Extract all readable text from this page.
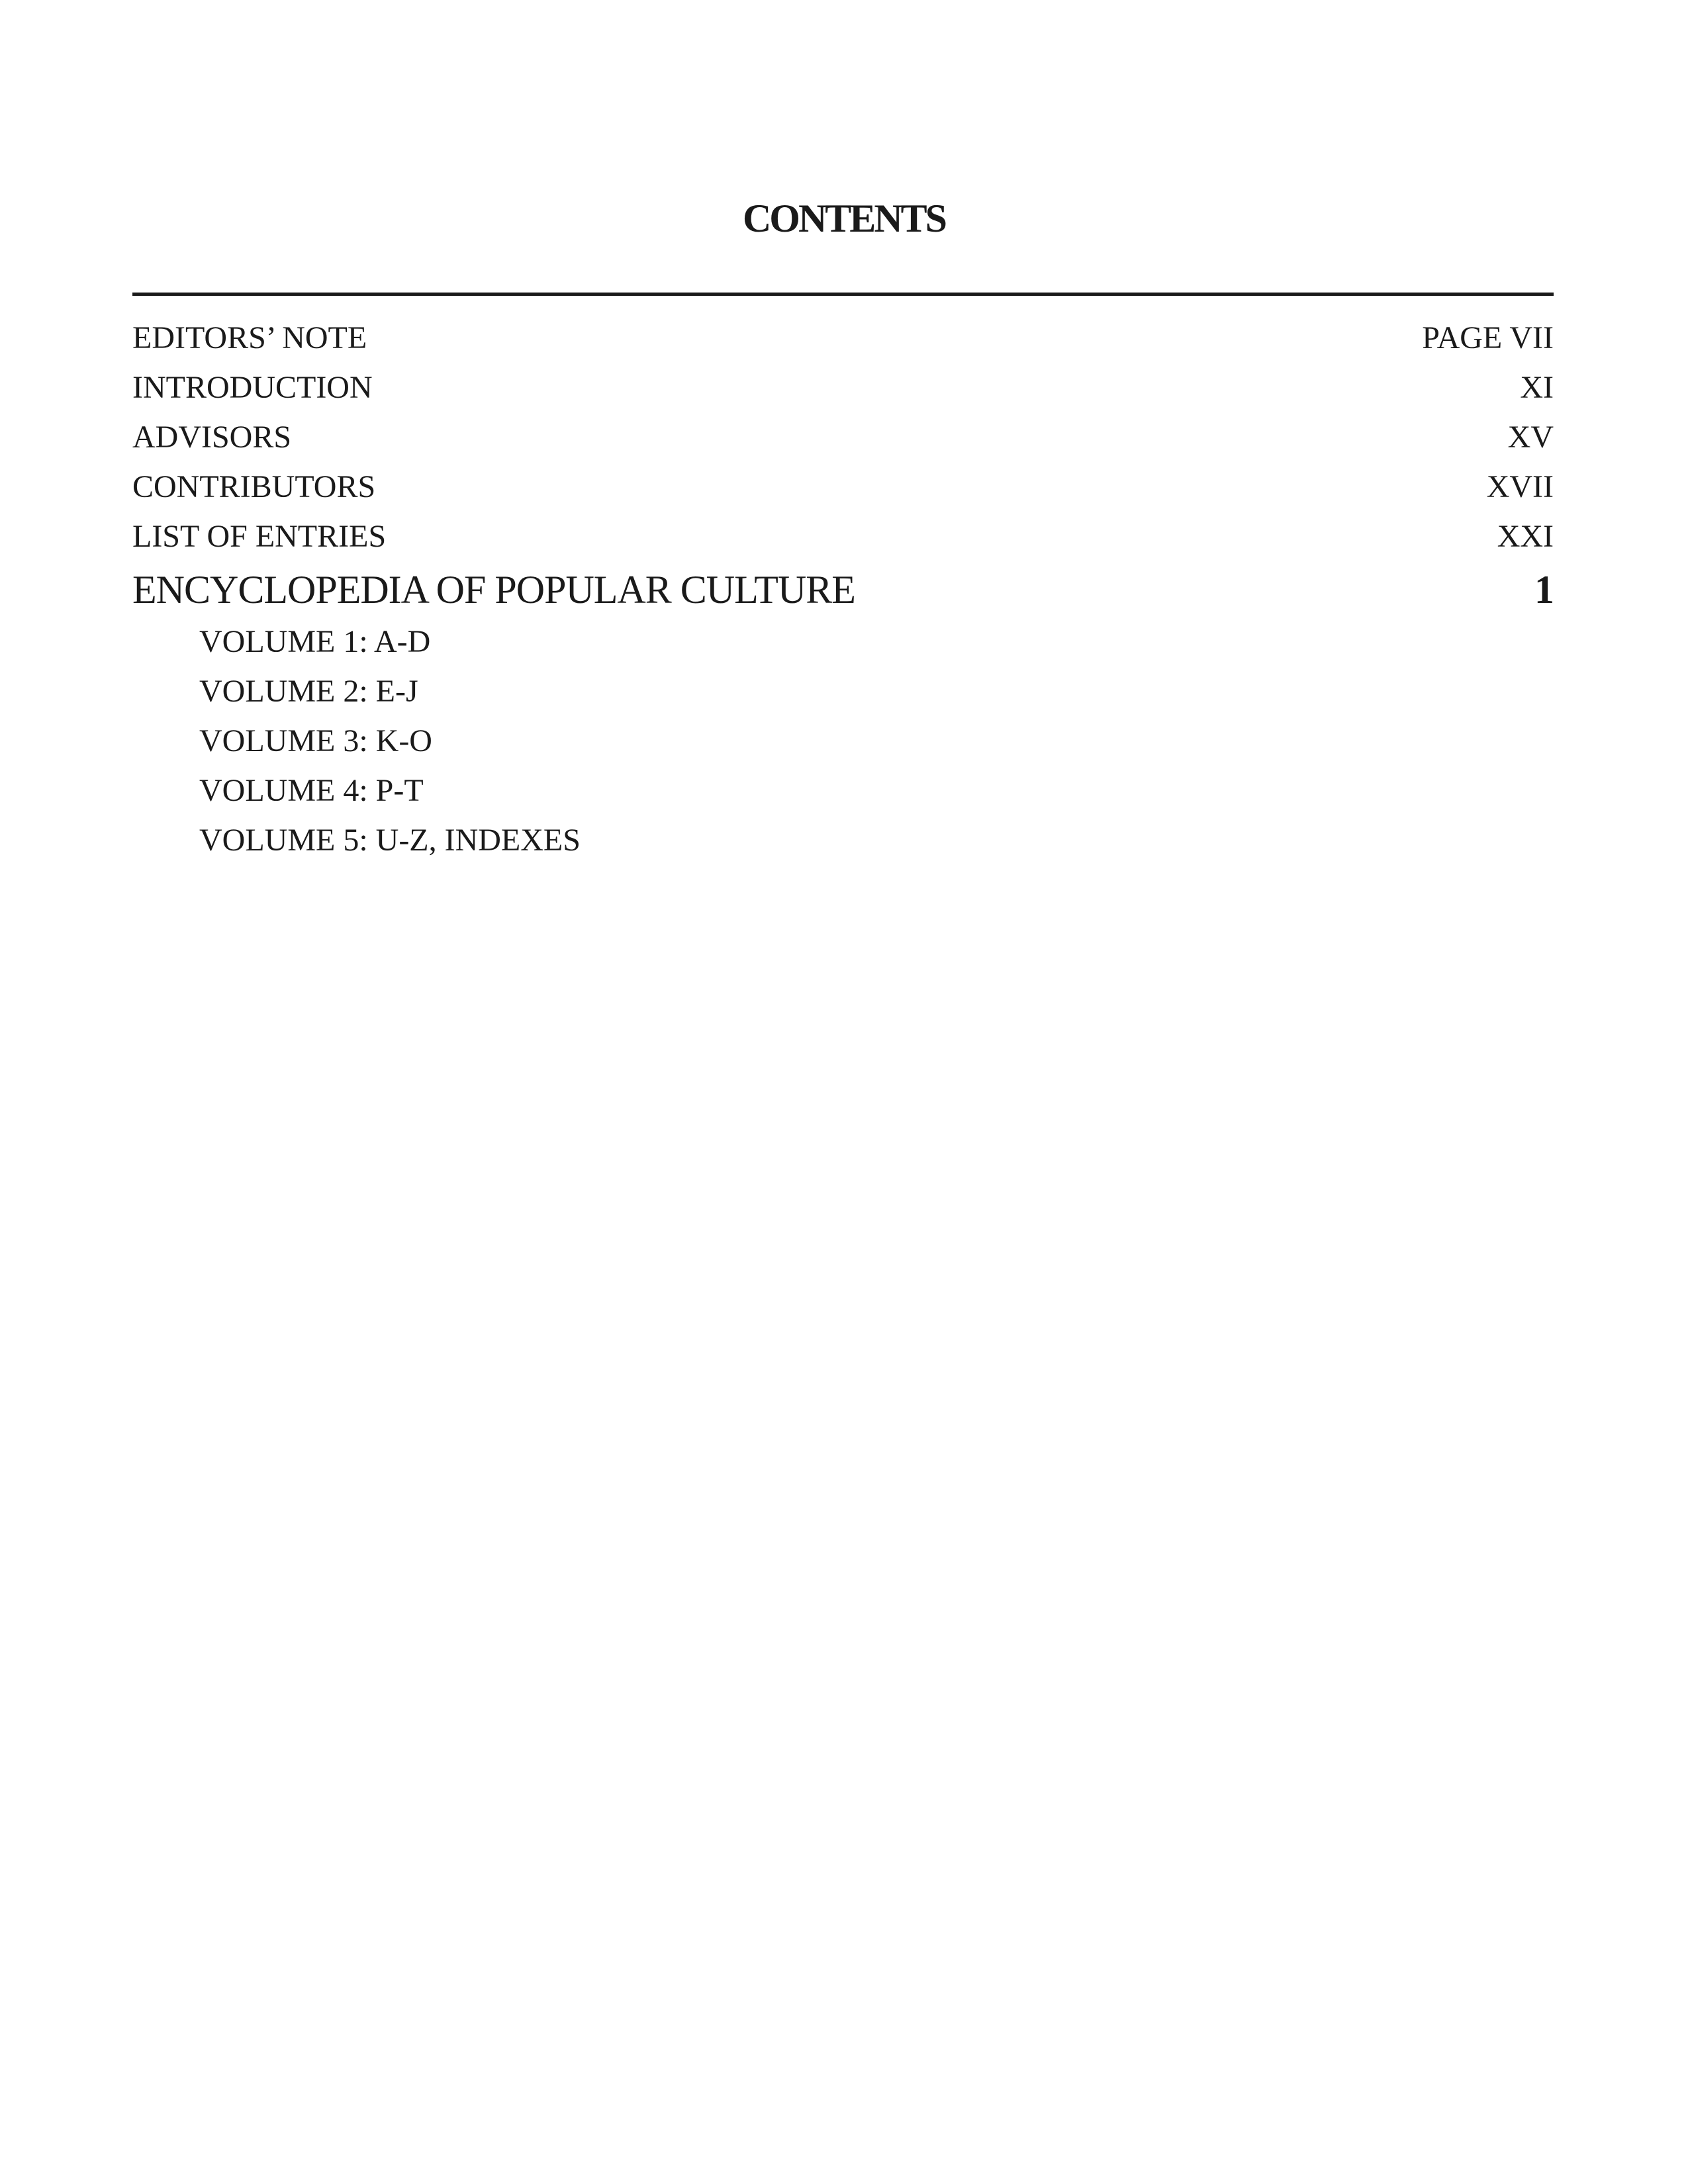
CONTENTS
EDITORS’ NOTE	PAGE VII
INTRODUCTION	XI
ADVISORS	XV
CONTRIBUTORS	XVII
LIST OF ENTRIES	XXI
ENCYCLOPEDIA OF POPULAR CULTURE	1
VOLUME 1: A-D
VOLUME 2: E-J
VOLUME 3: K-O
VOLUME 4: P-T
VOLUME 5: U-Z, INDEXES
